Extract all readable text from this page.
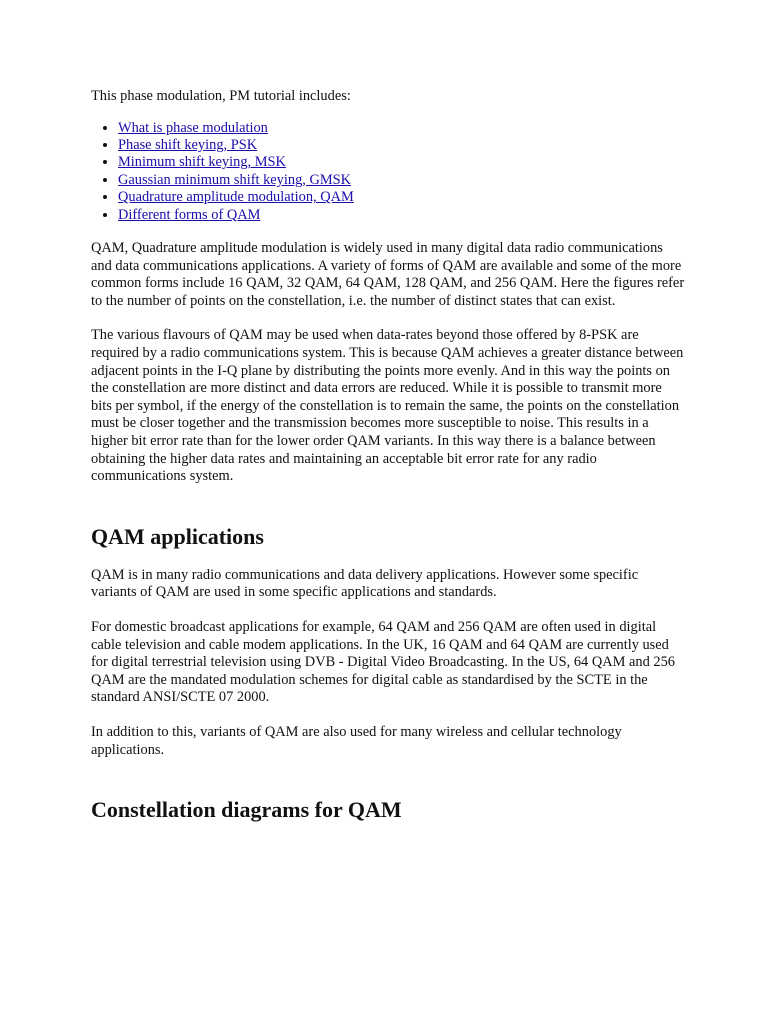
This phase modulation, PM tutorial includes:

• What is phase modulation
• Phase shift keying, PSK
• Minimum shift keying, MSK
• Gaussian minimum shift keying, GMSK
• Quadrature amplitude modulation, QAM
• Different forms of QAM

QAM, Quadrature amplitude modulation is widely used in many digital data radio communications and data communications applications. A variety of forms of QAM are available and some of the more common forms include 16 QAM, 32 QAM, 64 QAM, 128 QAM, and 256 QAM. Here the figures refer to the number of points on the constellation, i.e. the number of distinct states that can exist.

The various flavours of QAM may be used when data-rates beyond those offered by 8-PSK are required by a radio communications system. This is because QAM achieves a greater distance between adjacent points in the I-Q plane by distributing the points more evenly. And in this way the points on the constellation are more distinct and data errors are reduced. While it is possible to transmit more bits per symbol, if the energy of the constellation is to remain the same, the points on the constellation must be closer together and the transmission becomes more susceptible to noise. This results in a higher bit error rate than for the lower order QAM variants. In this way there is a balance between obtaining the higher data rates and maintaining an acceptable bit error rate for any radio communications system.

QAM applications

QAM is in many radio communications and data delivery applications. However some specific variants of QAM are used in some specific applications and standards.

For domestic broadcast applications for example, 64 QAM and 256 QAM are often used in digital cable television and cable modem applications. In the UK, 16 QAM and 64 QAM are currently used for digital terrestrial television using DVB - Digital Video Broadcasting. In the US, 64 QAM and 256 QAM are the mandated modulation schemes for digital cable as standardised by the SCTE in the standard ANSI/SCTE 07 2000.

In addition to this, variants of QAM are also used for many wireless and cellular technology applications.

Constellation diagrams for QAM
